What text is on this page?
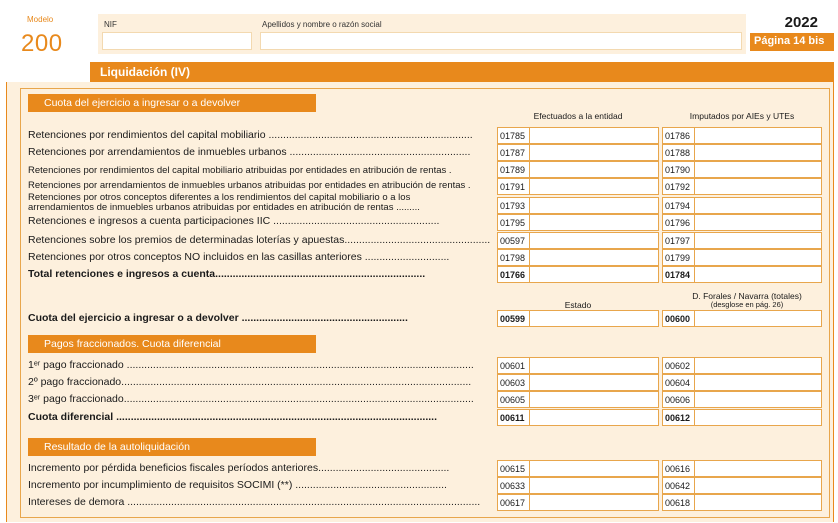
Modelo
200
NIF	Apellidos y nombre o razón social	2022
Página 14 bis
Liquidación (IV)
Cuota del ejercicio a ingresar o a devolver
Efectuados a la entidad	Imputados por AIEs y UTEs
Retenciones por rendimientos del capital mobiliario ......................................................................	01785	01786
Retenciones por arrendamientos de inmuebles urbanos ..............................................................	01787	01788
Retenciones por rendimientos del capital mobiliario atribuidas por entidades en atribución de rentas .	01789	01790
Retenciones por arrendamientos de inmuebles urbanos atribuidas por entidades en atribución de rentas .	01791	01792
Retenciones por otros conceptos diferentes a los rendimientos del capital mobiliario o a los
arrendamientos de inmuebles urbanos atribuidas por entidades en atribución de rentas .........	01793	01794
Retenciones e ingresos a cuenta participaciones IIC .........................................................	01795	01796
Retenciones sobre los premios de determinadas loterías y apuestas..................................................	00597	01797
Retenciones por otros conceptos NO incluidos en las casillas anteriores .............................	01798	01799
Total retenciones e ingresos a cuenta........................................................................	01766	01784
Estado
D. Forales / Navarra (totales)
(desglose en pág. 26)
Cuota del ejercicio a ingresar o a devolver .........................................................	00599	00600
Pagos fraccionados. Cuota diferencial
1ᵉʳ pago fraccionado .......................................................................................................................	00601	00602
2º pago fraccionado........................................................................................................................	00603	00604
3ᵉʳ pago fraccionado........................................................................................................................	00605	00606
Cuota diferencial ..............................................................................................................	00611	00612
Resultado de la autoliquidación
Incremento por pérdida beneficios fiscales períodos anteriores.............................................	00615	00616
Incremento por incumplimiento de requisitos SOCIMI (**) ....................................................	00633	00642
Intereses de demora .........................................................................................................................	00617	00618
